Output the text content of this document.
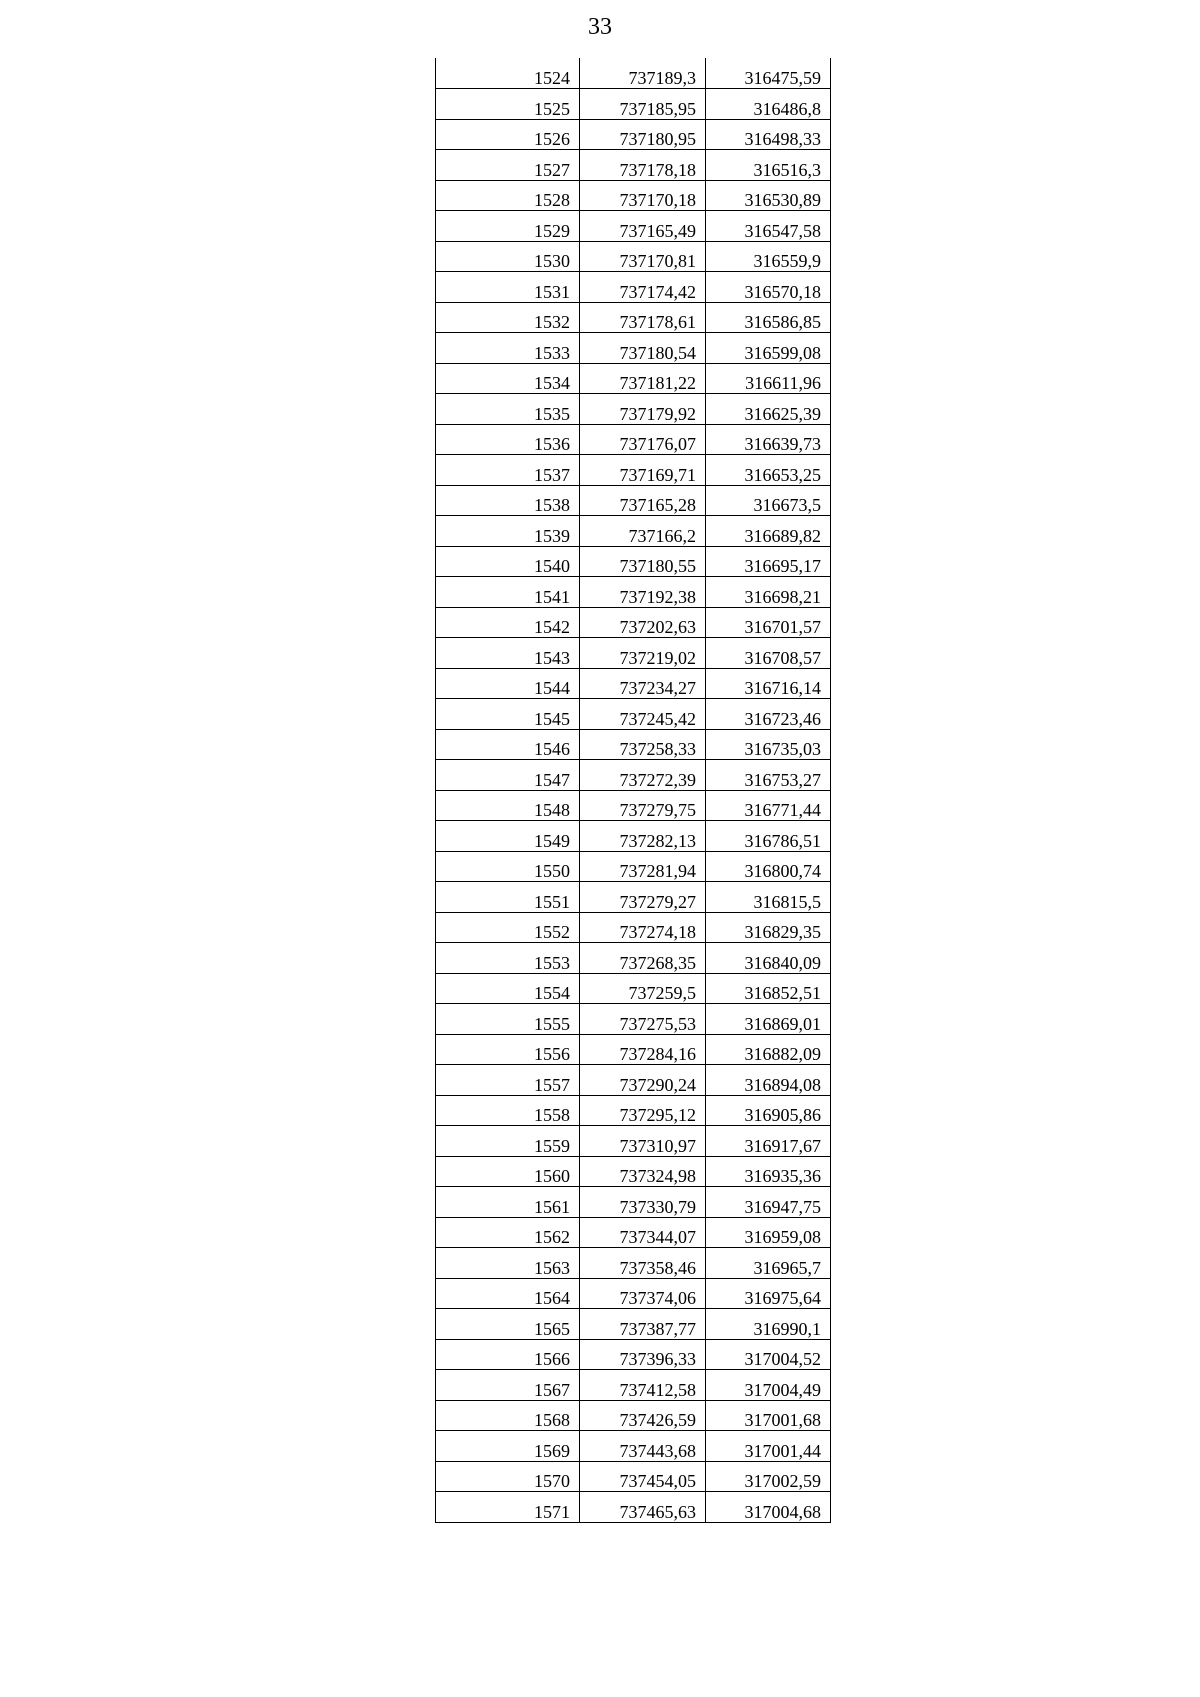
33
1524	737189,3	316475,59
1525	737185,95	316486,8
1526	737180,95	316498,33
1527	737178,18	316516,3
1528	737170,18	316530,89
1529	737165,49	316547,58
1530	737170,81	316559,9
1531	737174,42	316570,18
1532	737178,61	316586,85
1533	737180,54	316599,08
1534	737181,22	316611,96
1535	737179,92	316625,39
1536	737176,07	316639,73
1537	737169,71	316653,25
1538	737165,28	316673,5
1539	737166,2	316689,82
1540	737180,55	316695,17
1541	737192,38	316698,21
1542	737202,63	316701,57
1543	737219,02	316708,57
1544	737234,27	316716,14
1545	737245,42	316723,46
1546	737258,33	316735,03
1547	737272,39	316753,27
1548	737279,75	316771,44
1549	737282,13	316786,51
1550	737281,94	316800,74
1551	737279,27	316815,5
1552	737274,18	316829,35
1553	737268,35	316840,09
1554	737259,5	316852,51
1555	737275,53	316869,01
1556	737284,16	316882,09
1557	737290,24	316894,08
1558	737295,12	316905,86
1559	737310,97	316917,67
1560	737324,98	316935,36
1561	737330,79	316947,75
1562	737344,07	316959,08
1563	737358,46	316965,7
1564	737374,06	316975,64
1565	737387,77	316990,1
1566	737396,33	317004,52
1567	737412,58	317004,49
1568	737426,59	317001,68
1569	737443,68	317001,44
1570	737454,05	317002,59
1571	737465,63	317004,68
